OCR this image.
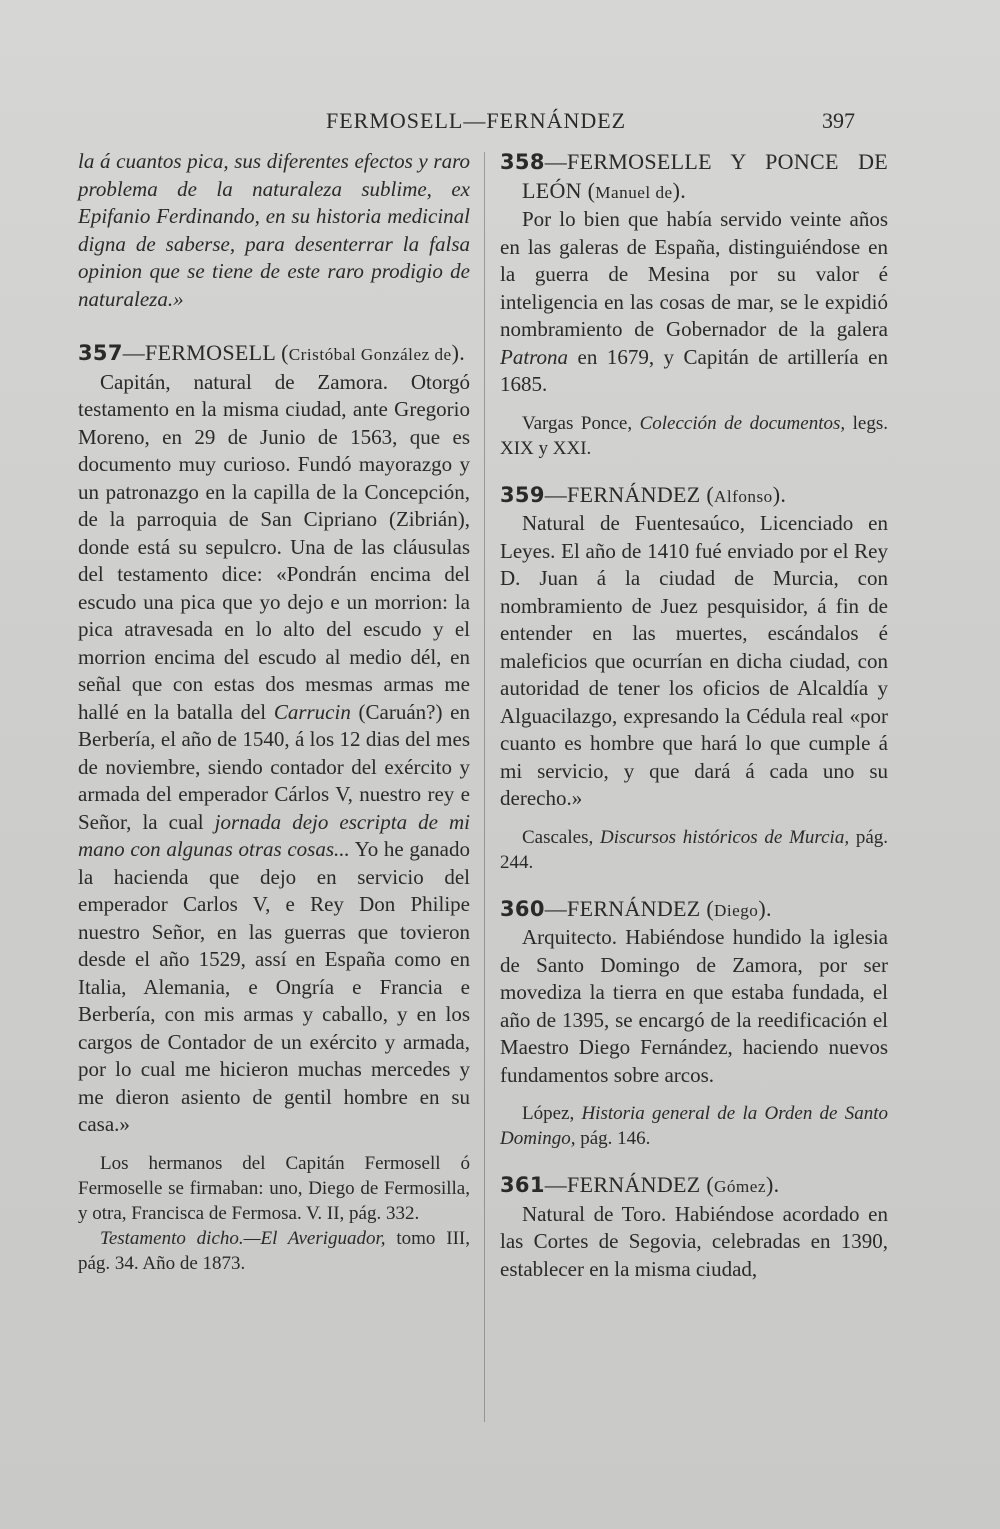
FERMOSELL—FERNÁNDEZ	397

la á cuantos pica, sus diferentes efectos y raro problema de la naturaleza sublime, ex Epifanio Ferdinando, en su historia medicinal digna de saberse, para desenterrar la falsa opinion que se tiene de este raro prodigio de naturaleza.»

357—FERMOSELL (Cristóbal González de).

Capitán, natural de Zamora. Otorgó testamento en la misma ciudad, ante Gregorio Moreno, en 29 de Junio de 1563, que es documento muy curioso. Fundó mayorazgo y un patronazgo en la capilla de la Concepción, de la parroquia de San Cipriano (Zibrián), donde está su sepulcro. Una de las cláusulas del testamento dice: «Pondrán encima del escudo una pica que yo dejo e un morrion: la pica atravesada en lo alto del escudo y el morrion encima del escudo al medio dél, en señal que con estas dos mesmas armas me hallé en la batalla del Carrucin (Caruán?) en Berbería, el año de 1540, á los 12 dias del mes de noviembre, siendo contador del exército y armada del emperador Cárlos V, nuestro rey e Señor, la cual jornada dejo escripta de mi mano con algunas otras cosas... Yo he ganado la hacienda que dejo en servicio del emperador Carlos V, e Rey Don Philipe nuestro Señor, en las guerras que tovieron desde el año 1529, assí en España como en Italia, Alemania, e Ongría e Francia e Berbería, con mis armas y caballo, y en los cargos de Contador de un exército y armada, por lo cual me hicieron muchas mercedes y me dieron asiento de gentil hombre en su casa.»

Los hermanos del Capitán Fermosell ó Fermoselle se firmaban: uno, Diego de Fermosilla, y otra, Francisca de Fermosa. V. II, pág. 332.

Testamento dicho.—El Averiguador, tomo III, pág. 34. Año de 1873.

358—FERMOSELLE Y PONCE DE LEÓN (Manuel de).

Por lo bien que había servido veinte años en las galeras de España, distinguiéndose en la guerra de Mesina por su valor é inteligencia en las cosas de mar, se le expidió nombramiento de Gobernador de la galera Patrona en 1679, y Capitán de artillería en 1685.

Vargas Ponce, Colección de documentos, legs. XIX y XXI.

359—FERNÁNDEZ (Alfonso).

Natural de Fuentesaúco, Licenciado en Leyes. El año de 1410 fué enviado por el Rey D. Juan á la ciudad de Murcia, con nombramiento de Juez pesquisidor, á fin de entender en las muertes, escándalos é maleficios que ocurrían en dicha ciudad, con autoridad de tener los oficios de Alcaldía y Alguacilazgo, expresando la Cédula real «por cuanto es hombre que hará lo que cumple á mi servicio, y que dará á cada uno su derecho.»

Cascales, Discursos históricos de Murcia, pág. 244.

360—FERNÁNDEZ (Diego).

Arquitecto. Habiéndose hundido la iglesia de Santo Domingo de Zamora, por ser movediza la tierra en que estaba fundada, el año de 1395, se encargó de la reedificación el Maestro Diego Fernández, haciendo nuevos fundamentos sobre arcos.

López, Historia general de la Orden de Santo Domingo, pág. 146.

361—FERNÁNDEZ (Gómez).

Natural de Toro. Habiéndose acordado en las Cortes de Segovia, celebradas en 1390, establecer en la misma ciudad,
